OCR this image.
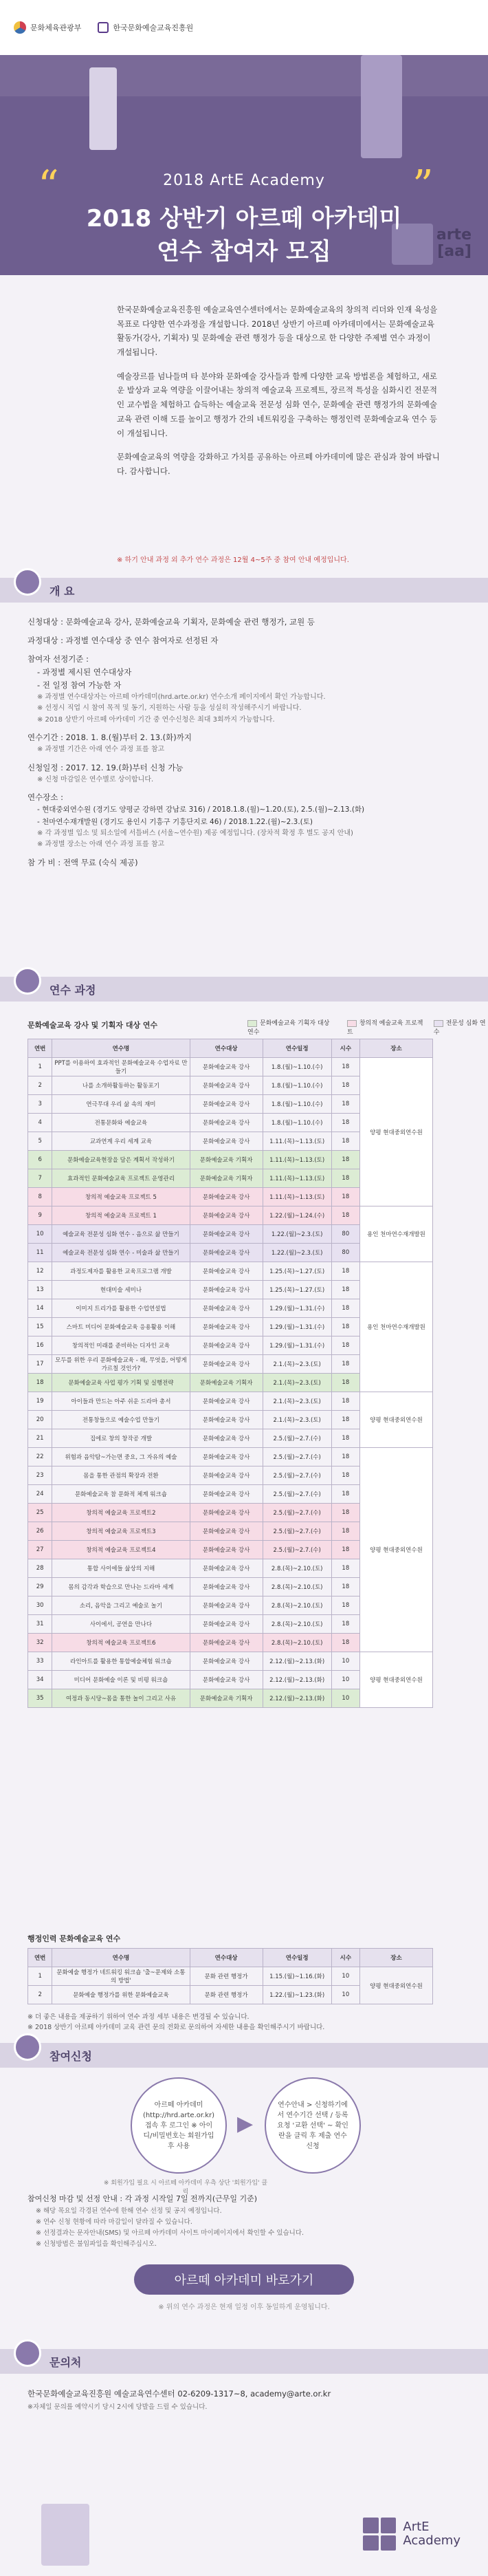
문화체육관광부	한국문화예술교육진흥원
“	”
2018 ArtE Academy
2018 상반기 아르떼 아카데미
연수 참여자 모집
arte
[aa]

한국문화예술교육진흥원 예술교육연수센터에서는 문화예술교육의 창의적 리더와 인재 육성을 목표로 다양한 연수과정을 개설합니다. 2018년 상반기 아르떼 아카데미에서는 문화예술교육 활동가(강사, 기획자) 및 문화예술 관련 행정가 등을 대상으로 한 다양한 주제별 연수 과정이 개설됩니다.

예술장르를 넘나들며 타 분야와 문화예술 강사들과 함께 다양한 교육 방법론을 체험하고, 새로운 발상과 교육 역량을 이끌어내는 창의적 예술교육 프로젝트, 장르적 특성을 심화시킨 전문적인 교수법을 체험하고 습득하는 예술교육 전문성 심화 연수, 문화예술 관련 행정가의 문화예술교육 관련 이해 도를 높이고 행정가 간의 네트워킹을 구축하는 행정인력 문화예술교육 연수 등이 개설됩니다.

문화예술교육의 역량을 강화하고 가치를 공유하는 아르떼 아카데미에 많은 관심과 참여 바랍니다. 감사합니다.

※ 하기 안내 과정 외 추가 연수 과정은 12월 4~5주 중 참여 안내 예정입니다.
개 요
신청대상 : 문화예술교육 강사, 문화예술교육 기획자, 문화예술 관련 행정가, 교원 등
과정대상 : 과정별 연수대상 중 연수 참여자로 선정된 자
참여자 선정기준 :
- 과정별 제시된 연수대상자
- 전 일정 참여 가능한 자
※ 과정별 연수대상자는 아르떼 아카데미(hrd.arte.or.kr) 연수소개 페이지에서 확인 가능합니다.
※ 선정시 직업 시 참여 목적 및 동기, 지원하는 사람 등을 성실히 작성해주시기 바랍니다.
※ 2018 상반기 아르떼 아카데미 기간 중 연수신청은 최대 3회까지 가능합니다.
연수기간 : 2018. 1. 8.(월)부터 2. 13.(화)까지
※ 과정별 기간은 아래 연수 과정 표를 참고
신청일정 : 2017. 12. 19.(화)부터 신청 가능
※ 신청 마감일은 연수별로 상이합니다.
연수장소 :
- 현대중외연수원 (경기도 양평군 강하면 강남로 316) / 2018.1.8.(월)~1.20.(토), 2.5.(월)~2.13.(화)
- 천마연수재개발원 (경기도 용인시 기흥구 기흥단지로 46) / 2018.1.22.(월)~2.3.(토)
※ 각 과정별 입소 및 퇴소일에 서틀버스 (서울~연수원) 제공 예정입니다. (장차적 확정 후 별도 공지 안내)
※ 과정별 장소는 아래 연수 과정 표를 참고
참 가 비 : 전액 무료 (숙식 제공)
연수 과정
문화예술교육 강사 및 기획자 대상 연수	문화예술교육 기획자 대상 연수
창의적 예술교육 프로젝트
전문성 심화 연수
연번	연수명	연수대상	연수일정	시수	장소
1	PPT를 이용하여 효과적인 문화예술교육 수업자료 만들기	문화예술교육 강사	1.8.(월)~1.10.(수)	18	양평 현대중외연수원
2	나를 소개하활동하는 활동포기	문화예술교육 강사	1.8.(월)~1.10.(수)	18	
3	연극무대 우리 삶 속의 재미	문화예술교육 강사	1.8.(월)~1.10.(수)	18	
4	전통문화와 예술교육	문화예술교육 강사	1.8.(월)~1.10.(수)	18	
5	교과연계 우리 세계 교육	문화예술교육 강사	1.11.(목)~1.13.(토)	18	
6	문화예술교육현장을 담은 계획서 작성하기	문화예술교육 기획자	1.11.(목)~1.13.(토)	18	
7	효과적인 문화예술교육 프로젝트 운영관리	문화예술교육 기획자	1.11.(목)~1.13.(토)	18	
8	창의적 예술교육 프로젝트 5	문화예술교육 강사	1.11.(목)~1.13.(토)	18	
9	창의적 예술교육 프로젝트 1	문화예술교육 강사	1.22.(월)~1.24.(수)	18	용인 천마연수재개발원
10	예술교육 전문성 심화 연수 - 음으로 삶 만들기	문화예술교육 강사	1.22.(월)~2.3.(토)	80	
11	예술교육 전문성 심화 연수 - 미술과 삶 만들기	문화예술교육 강사	1.22.(월)~2.3.(토)	80	
12	과정도제자를 활용한 교육프로그램 개발	문화예술교육 강사	1.25.(목)~1.27.(토)	18	용인 천마연수재개발원
13	현대미술 세미나	문화예술교육 강사	1.25.(목)~1.27.(토)	18	
14	이미지 트리가를 활용한 수업연설법	문화예술교육 강사	1.29.(월)~1.31.(수)	18	
15	스마트 미디어 문화예술교육 응용활용 이해	문화예술교육 강사	1.29.(월)~1.31.(수)	18	
16	창의적인 미래를 준비하는 디자인 교육	문화예술교육 강사	1.29.(월)~1.31.(수)	18	
17	모두를 위한 우리 문화예술교육 - 왜, 무엇을, 어떻게 가르칠 것인가?	문화예술교육 강사	2.1.(목)~2.3.(토)	18	
18	문화예술교육 사업 평가 기획 및 실행전략	문화예술교육 기획자	2.1.(목)~2.3.(토)	18	
19	아이들과 만드는 아주 쉬운 드라마 총서	문화예술교육 강사	2.1.(목)~2.3.(토)	18	양평 현대중외연수원
20	전통창들으로 예술수업 만들기	문화예술교육 강사	2.1.(목)~2.3.(토)	18	
21	집에로 창의 창작공 개발	문화예술교육 강사	2.5.(월)~2.7.(수)	18	
22	위험과 음악탐~가는면 중요, 그 자유의 예술	문화예술교육 강사	2.5.(월)~2.7.(수)	18	양평 현대중외연수원
23	몸을 통한 관점의 확장과 전환	문화예술교육 강사	2.5.(월)~2.7.(수)	18	
24	문화예술교육 참 문화적 체계 워크숍	문화예술교육 강사	2.5.(월)~2.7.(수)	18	
25	창의적 예술교육 프로젝트2	문화예술교육 강사	2.5.(월)~2.7.(수)	18	
26	창의적 예술교육 프로젝트3	문화예술교육 강사	2.5.(월)~2.7.(수)	18	
27	창의적 예술교육 프로젝트4	문화예술교육 강사	2.5.(월)~2.7.(수)	18	
28	통합 사이에들 삶상의 지해	문화예술교육 강사	2.8.(목)~2.10.(토)	18	
29	몸의 감각과 학습으로 만나는 드라마 세계	문화예술교육 강사	2.8.(목)~2.10.(토)	18	
30	소리, 음악을 그리고 예술로 놀기	문화예술교육 강사	2.8.(목)~2.10.(토)	18	
31	사이에서, 공연을 만나다	문화예술교육 강사	2.8.(목)~2.10.(토)	18	
32	창의적 예술교육 프로젝트6	문화예술교육 강사	2.8.(목)~2.10.(토)	18	
33	라인아트를 활용한 통합예술체험 워크숍	문화예술교육 강사	2.12.(월)~2.13.(화)	10	양평 현대중외연수원
34	미디어 문화예술 이론 및 비평 워크숍	문화예술교육 강사	2.12.(월)~2.13.(화)	10	
35	여정과 동시당~몸을 통한 놀이 그리고 사유	문화예술교육 기획자	2.12.(월)~2.13.(화)	10	
행정인력 문화예술교육 연수
연번	연수명	연수대상	연수일정	시수	장소
1	문화예술 행정가 네트워킹 워크숍 '출~문제와 소통의 방법'	문화 관련 행정가	1.15.(월)~1.16.(화)	10	양평 현대중외연수원
2	문화예술 행정가를 위한 문화예술교육	문화 관련 행정가	1.22.(월)~1.23.(화)	10	
※ 더 좋은 내용을 제공하기 위하여 연수 과정 세부 내용은 변경될 수 있습니다.
※ 2018 상반기 아르떼 아카데미 교육 관련 문의 전화로 문의하여 자세한 내용을 확인해주시기 바랍니다.
참여신청
아르떼 아카데미 (http://hrd.arte.or.kr) 접속 후 로그인 ※ 아이디/비밀번호는 회원가입 후 사용
▶
연수안내 > 신청하기에서 연수기간 선택 / 등록 요청 '교환 선택' ~ 확인란을 클릭 후 제출 연수 신청
※ 회원가입 필요 시 아르떼 아카데미 우측 상단 '회원가입' 클릭
참여신청 마감 및 선정 안내 : 각 과정 시작일 7일 전까지(근무일 기준)
※ 해당 목요일 각경된 연수에 한해 연수 선정 및 공지 예정입니다.
※ 연수 신청 현황에 따라 마감일이 달라질 수 있습니다.
※ 선정결과는 문자안내(SMS) 및 아르떼 아카데미 사이트 마이페이지에서 확인할 수 있습니다.
※ 신청방법은 불임파일을 확인해주십시오.
아르떼 아카데미 바로가기
※ 위의 연수 과정은 현재 일정 이후 동일하게 운영됩니다.
문의처
한국문화예술교육진흥원 예술교육연수센터 02-6209-1317~8, academy@arte.or.kr
※자체일 문의를 예약시키 당시 2시에 당발을 드릴 수 있습니다.
ArtE
Academy
